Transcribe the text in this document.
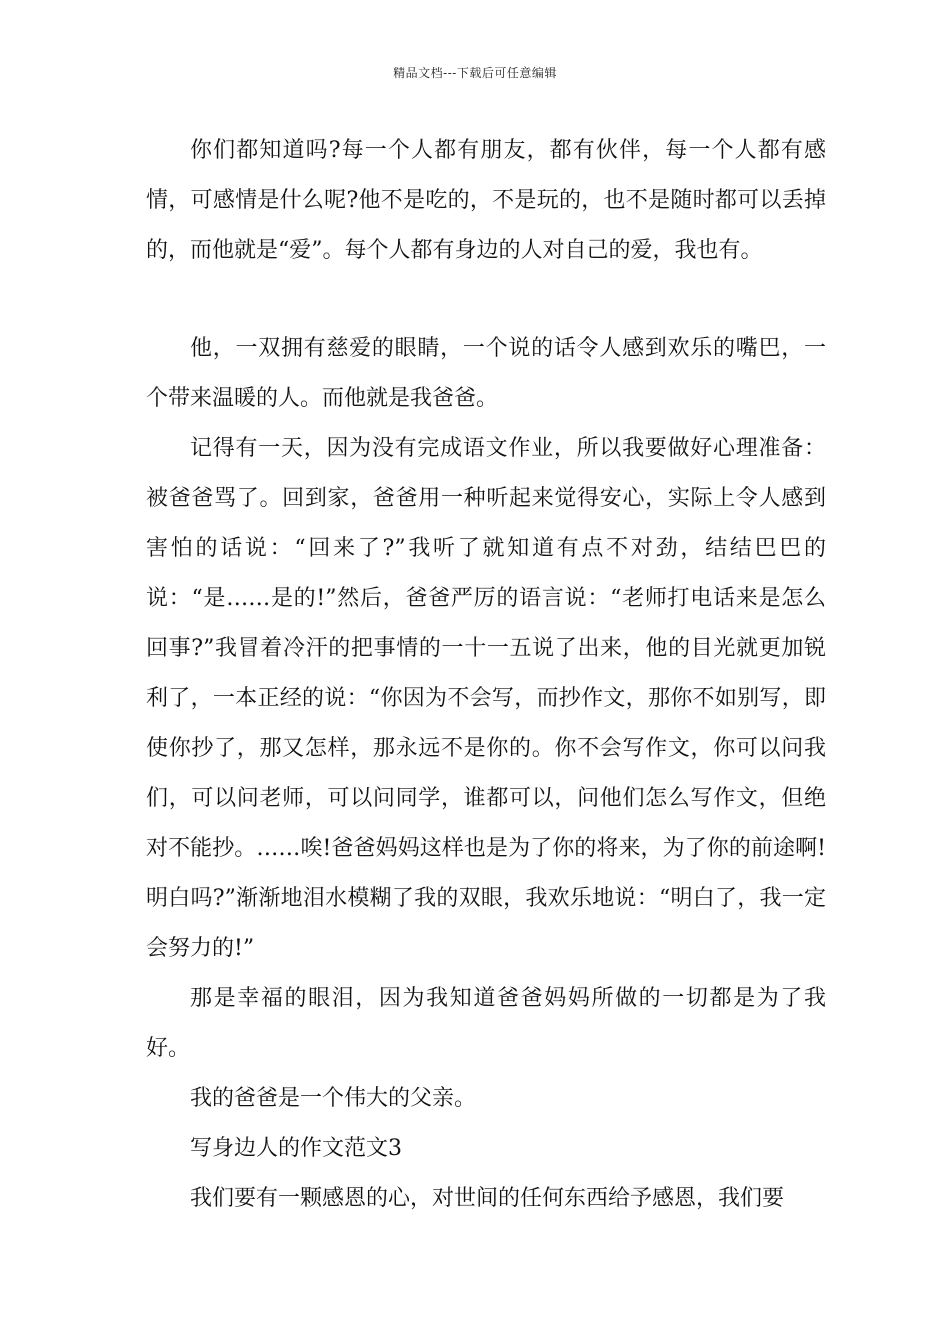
精品文档---下载后可任意编辑

你们都知道吗?每一个人都有朋友，都有伙伴，每一个人都有感情，可感情是什么呢?他不是吃的，不是玩的，也不是随时都可以丢掉的，而他就是“爱”。每个人都有身边的人对自己的爱，我也有。

他，一双拥有慈爱的眼睛，一个说的话令人感到欢乐的嘴巴，一个带来温暖的人。而他就是我爸爸。

记得有一天，因为没有完成语文作业，所以我要做好心理准备：被爸爸骂了。回到家，爸爸用一种听起来觉得安心，实际上令人感到害怕的话说：“回来了?”我听了就知道有点不对劲，结结巴巴的说：“是……是的!”然后，爸爸严厉的语言说：“老师打电话来是怎么回事?”我冒着冷汗的把事情的一十一五说了出来，他的目光就更加锐利了，一本正经的说：“你因为不会写，而抄作文，那你不如别写，即使你抄了，那又怎样，那永远不是你的。你不会写作文，你可以问我们，可以问老师，可以问同学，谁都可以，问他们怎么写作文，但绝对不能抄。……唉!爸爸妈妈这样也是为了你的将来，为了你的前途啊!明白吗?”渐渐地泪水模糊了我的双眼，我欢乐地说：“明白了，我一定会努力的!”

那是幸福的眼泪，因为我知道爸爸妈妈所做的一切都是为了我好。

我的爸爸是一个伟大的父亲。

写身边人的作文范文3

我们要有一颗感恩的心，对世间的任何东西给予感恩，我们要
